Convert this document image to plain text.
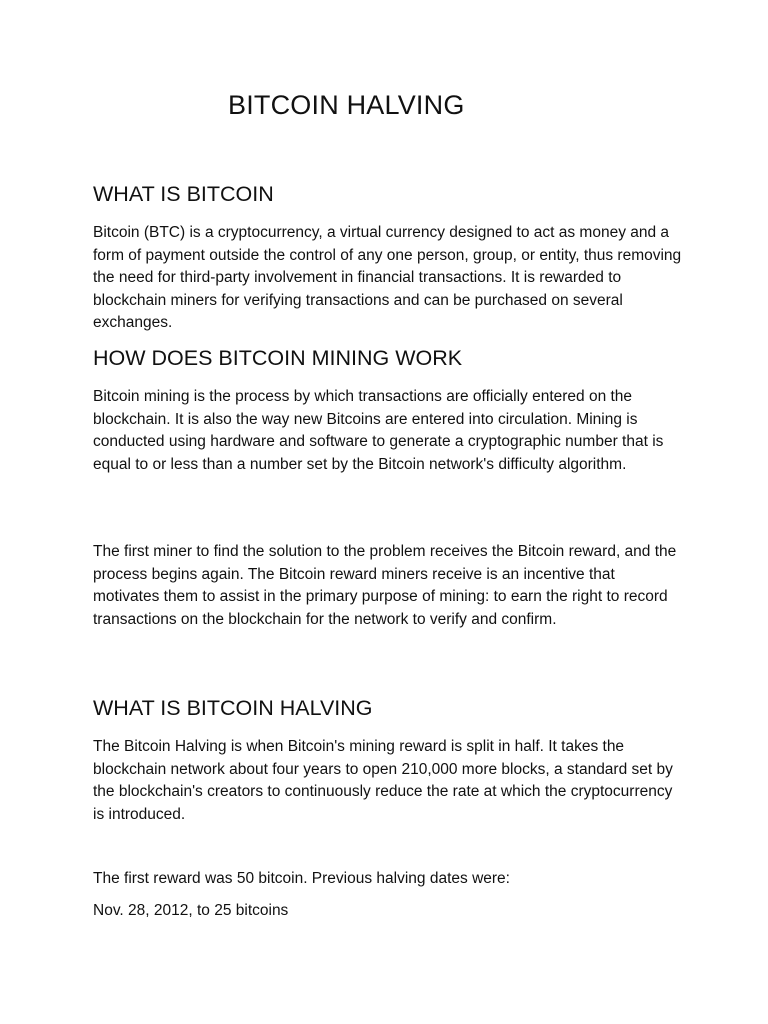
BITCOIN HALVING
WHAT IS BITCOIN

Bitcoin (BTC) is a cryptocurrency, a virtual currency designed to act as money and a form of payment outside the control of any one person, group, or entity, thus removing the need for third-party involvement in financial transactions. It is rewarded to blockchain miners for verifying transactions and can be purchased on several exchanges.

HOW DOES BITCOIN MINING WORK

Bitcoin mining is the process by which transactions are officially entered on the blockchain. It is also the way new Bitcoins are entered into circulation. Mining is conducted using hardware and software to generate a cryptographic number that is equal to or less than a number set by the Bitcoin network's difficulty algorithm.

The first miner to find the solution to the problem receives the Bitcoin reward, and the process begins again. The Bitcoin reward miners receive is an incentive that motivates them to assist in the primary purpose of mining: to earn the right to record transactions on the blockchain for the network to verify and confirm.

WHAT IS BITCOIN HALVING

The Bitcoin Halving is when Bitcoin's mining reward is split in half. It takes the blockchain network about four years to open 210,000 more blocks, a standard set by the blockchain's creators to continuously reduce the rate at which the cryptocurrency is introduced.

The first reward was 50 bitcoin. Previous halving dates were:

Nov. 28, 2012, to 25 bitcoins
